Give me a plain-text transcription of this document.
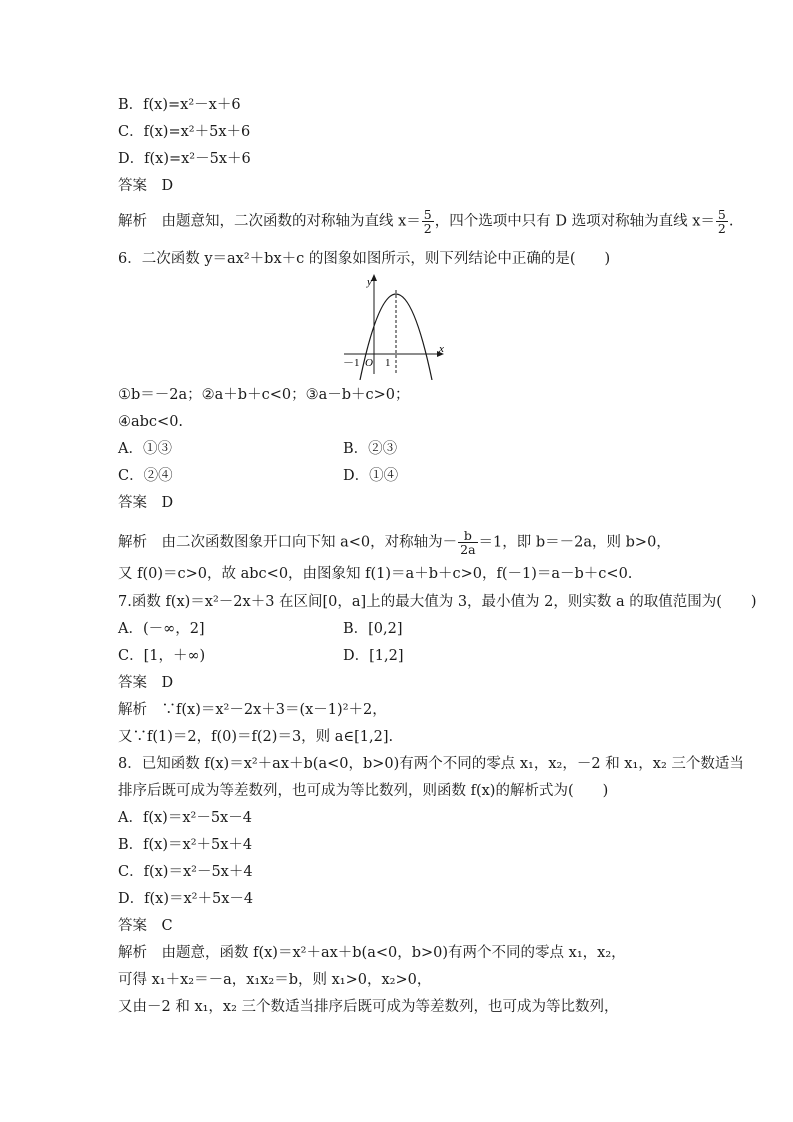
B．f(x)=x²－x＋6
C．f(x)=x²＋5x＋6
D．f(x)=x²－5x＋6
答案　D
解析　由题意知，二次函数的对称轴为直线 $x= \frac{5}{2}$ ，四个选项中只有 D 选项对称轴为直线 $x= \frac{5}{2}$ .
6．二次函数 y＝ax²＋bx＋c 的图象如图所示，则下列结论中正确的是(　　)
y
x
O
－1 1
①b＝－2a；②a＋b＋c<0；③a－b＋c>0；
④abc<0.
A．①③	B．②③
C．②④	D．①④
答案　D
解析　由二次函数图象开口向下知 a<0，对称轴为－ $\frac{b}{2a} =1$，即 b＝－2a，则 b>0，
又 f(0)＝c>0，故 abc<0，由图象知 f(1)＝a＋b＋c>0，f(－1)＝a－b＋c<0.
7.函数 f(x)＝x²－2x＋3 在区间[0，a]上的最大值为 3，最小值为 2，则实数 a 的取值范围为(　　)
A．(－∞，2]	B．[0,2]
C．[1，＋∞)	D．[1,2]
答案　D
解析　∵f(x)＝x²－2x＋3＝(x－1)²＋2，
又∵f(1)＝2，f(0)＝f(2)＝3，则 a∈[1,2].
8．已知函数 f(x)＝x²＋ax＋b(a<0，b>0)有两个不同的零点 x₁，x₂，－2 和 x₁，x₂ 三个数适当
排序后既可成为等差数列，也可成为等比数列，则函数 f(x)的解析式为(　　)
A．f(x)＝x²－5x－4
B．f(x)＝x²＋5x＋4
C．f(x)＝x²－5x＋4
D．f(x)＝x²＋5x－4
答案　C
解析　由题意，函数 f(x)＝x²＋ax＋b(a<0，b>0)有两个不同的零点 x₁，x₂，
可得 x₁＋x₂＝－a，x₁x₂＝b，则 x₁>0，x₂>0，
又由－2 和 x₁，x₂ 三个数适当排序后既可成为等差数列，也可成为等比数列，
